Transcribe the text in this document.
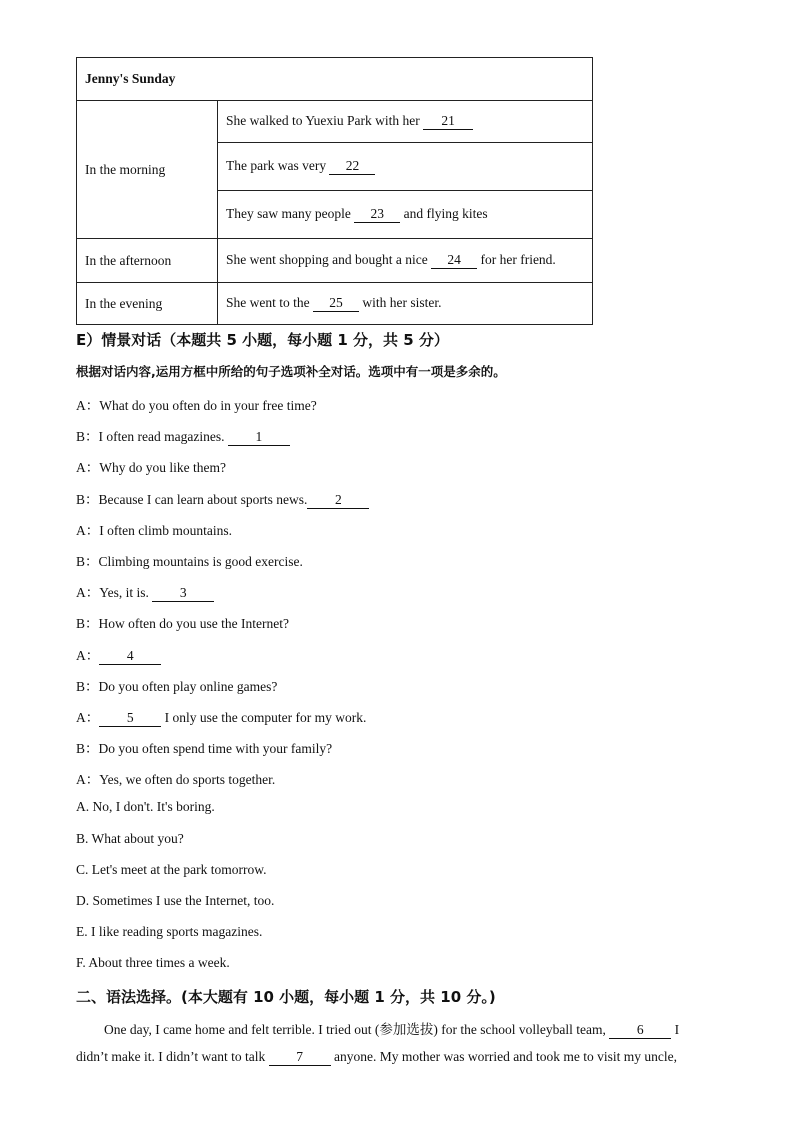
Jenny's Sunday	
In the morning	She walked to Yuexiu Park with her 21
	The park was very 22
	They saw many people 23 and flying kites
In the afternoon	She went shopping and bought a nice 24 for her friend.
In the evening	She went to the 25 with her sister.
E）情景对话（本题共 5 小题，每小题 1 分，共 5 分）
根据对话内容,运用方框中所给的句子选项补全对话。选项中有一项是多余的。
A：What do you often do in your free time?
B：I often read magazines. 1
A：Why do you like them?
B：Because I can learn about sports news. 2
A：I often climb mountains.
B：Climbing mountains is good exercise.
A：Yes, it is. 3
B：How often do you use the Internet?
A： 4
B：Do you often play online games?
A： 5 I only use the computer for my work.
B：Do you often spend time with your family?
A：Yes, we often do sports together.
A. No, I don't. It's boring.
B. What about you?
C. Let's meet at the park tomorrow.
D. Sometimes I use the Internet, too.
E. I like reading sports magazines.
F. About three times a week.
二、语法选择。(本大题有 10 小题，每小题 1 分，共 10 分。)
One day, I came home and felt terrible. I tried out (参加选拔) for the school volleyball team, 6 I
didn’t make it. I didn’t want to talk 7 anyone. My mother was worried and took me to visit my uncle,
